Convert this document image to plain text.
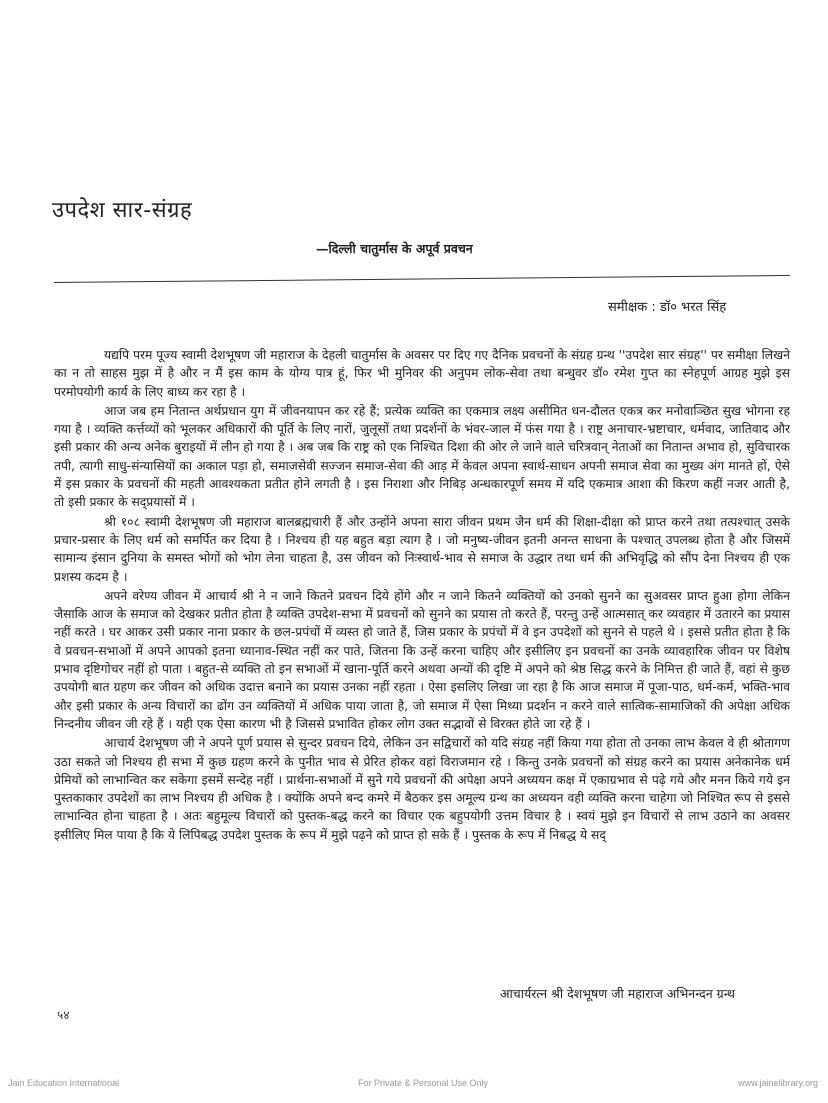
उपदेश सार-संग्रह
—दिल्ली चातुर्मास के अपूर्व प्रवचन
समीक्षक : डॉ० भरत सिंह

यद्यपि परम पूज्य स्वामी देशभूषण जी महाराज के देहली चातुर्मास के अवसर पर दिए गए दैनिक प्रवचनों के संग्रह ग्रन्थ ''उपदेश सार संग्रह'' पर समीक्षा लिखने का न तो साहस मुझ में है और न मैं इस काम के योग्य पात्र हूं, फिर भी मुनिवर की अनुपम लोक-सेवा तथा बन्धुवर डॉ० रमेश गुप्त का स्नेहपूर्ण आग्रह मुझे इस परमोपयोगी कार्य के लिए बाध्य कर रहा है ।

आज जब हम नितान्त अर्थप्रधान युग में जीवनयापन कर रहे हैं; प्रत्येक व्यक्ति का एकमात्र लक्ष्य असीमित धन-दौलत एकत्र कर मनोवाञ्छित सुख भोगना रह गया है । व्यक्ति कर्त्तव्यों को भूलकर अधिकारों की पूर्ति के लिए नारों, जुलूसों तथा प्रदर्शनों के भंवर-जाल में फंस गया है । राष्ट्र अनाचार-भ्रष्टाचार, धर्मवाद, जातिवाद और इसी प्रकार की अन्य अनेक बुराइयों में लीन हो गया है । अब जब कि राष्ट्र को एक निश्चित दिशा की ओर ले जाने वाले चरित्रवान् नेताओं का नितान्त अभाव हो, सुविचारक तपी, त्यागी साधु-संन्यासियों का अकाल पड़ा हो, समाजसेवी सज्जन समाज-सेवा की आड़ में केवल अपना स्वार्थ-साधन अपनी समाज सेवा का मुख्य अंग मानते हों, ऐसे में इस प्रकार के प्रवचनों की महती आवश्यकता प्रतीत होने लगती है । इस निराशा और निबिड़ अन्धकारपूर्ण समय में यदि एकमात्र आशा की किरण कहीं नजर आती है, तो इसी प्रकार के सद्प्रयासों में ।

श्री १०८ स्वामी देशभूषण जी महाराज बालब्रह्मचारी हैं और उन्होंने अपना सारा जीवन प्रथम जैन धर्म की शिक्षा-दीक्षा को प्राप्त करने तथा तत्पश्चात् उसके प्रचार-प्रसार के लिए धर्म को समर्पित कर दिया है । निश्चय ही यह बहुत बड़ा त्याग है । जो मनुष्य-जीवन इतनी अनन्त साधना के पश्चात् उपलब्ध होता है और जिसमें सामान्य इंसान दुनिया के समस्त भोगों को भोग लेना चाहता है, उस जीवन को निःस्वार्थ-भाव से समाज के उद्धार तथा धर्म की अभिवृद्धि को सौंप देना निश्चय ही एक प्रशस्य कदम है ।

अपने वरेण्य जीवन में आचार्य श्री ने न जाने कितने प्रवचन दिये होंगे और न जाने कितने व्यक्तियों को उनको सुनने का सुअवसर प्राप्त हुआ होगा लेकिन जैसाकि आज के समाज को देखकर प्रतीत होता है व्यक्ति उपदेश-सभा में प्रवचनों को सुनने का प्रयास तो करते हैं, परन्तु उन्हें आत्मसात् कर व्यवहार में उतारने का प्रयास नहीं करते । घर आकर उसी प्रकार नाना प्रकार के छल-प्रपंचों में व्यस्त हो जाते हैं, जिस प्रकार के प्रपंचों में वे इन उपदेशों को सुनने से पहले थे । इससे प्रतीत होता है कि वे प्रवचन-सभाओं में अपने आपको इतना ध्यानाव-स्थित नहीं कर पाते, जितना कि उन्हें करना चाहिए और इसीलिए इन प्रवचनों का उनके व्यावहारिक जीवन पर विशेष प्रभाव दृष्टिगोचर नहीं हो पाता । बहुत-से व्यक्ति तो इन सभाओं में खाना-पूर्ति करने अथवा अन्यों की दृष्टि में अपने को श्रेष्ठ सिद्ध करने के निमित्त ही जाते हैं, वहां से कुछ उपयोगी बात ग्रहण कर जीवन को अधिक उदात्त बनाने का प्रयास उनका नहीं रहता । ऐसा इसलिए लिखा जा रहा है कि आज समाज में पूजा-पाठ, धर्म-कर्म, भक्ति-भाव और इसी प्रकार के अन्य विचारों का ढोंग उन व्यक्तियों में अधिक पाया जाता है, जो समाज में ऐसा मिथ्या प्रदर्शन न करने वाले सात्विक-सामाजिकों की अपेक्षा अधिक निन्दनीय जीवन जी रहे हैं । यही एक ऐसा कारण भी है जिससे प्रभावित होकर लोग उक्त सद्भावों से विरक्त होते जा रहे हैं ।

आचार्य देशभूषण जी ने अपने पूर्ण प्रयास से सुन्दर प्रवचन दिये, लेकिन उन सद्विचारों को यदि संग्रह नहीं किया गया होता तो उनका लाभ केवल वे ही श्रोतागण उठा सकते जो निश्चय ही सभा में कुछ ग्रहण करने के पुनीत भाव से प्रेरित होकर वहां विराजमान रहे । किन्तु उनके प्रवचनों को संग्रह करने का प्रयास अनेकानेक धर्म प्रेमियों को लाभान्वित कर सकेगा इसमें सन्देह नहीं । प्रार्थना-सभाओं में सुने गये प्रवचनों की अपेक्षा अपने अध्ययन कक्ष में एकाग्रभाव से पढ़े गये और मनन किये गये इन पुस्तकाकार उपदेशों का लाभ निश्चय ही अधिक है । क्योंकि अपने बन्द कमरे में बैठकर इस अमूल्य ग्रन्थ का अध्ययन वही व्यक्ति करना चाहेगा जो निश्चित रूप से इससे लाभान्वित होना चाहता है । अतः बहुमूल्य विचारों को पुस्तक-बद्ध करने का विचार एक बहुपयोगी उत्तम विचार है । स्वयं मुझे इन विचारों से लाभ उठाने का अवसर इसीलिए मिल पाया है कि ये लिपिबद्ध उपदेश पुस्तक के रूप में मुझे पढ़ने को प्राप्त हो सके हैं । पुस्तक के रूप में निबद्ध ये सद्

आचार्यरत्न श्री देशभूषण जी महाराज अभिनन्दन ग्रन्थ
५४
Jain Education International	For Private & Personal Use Only	www.jainelibrary.org
